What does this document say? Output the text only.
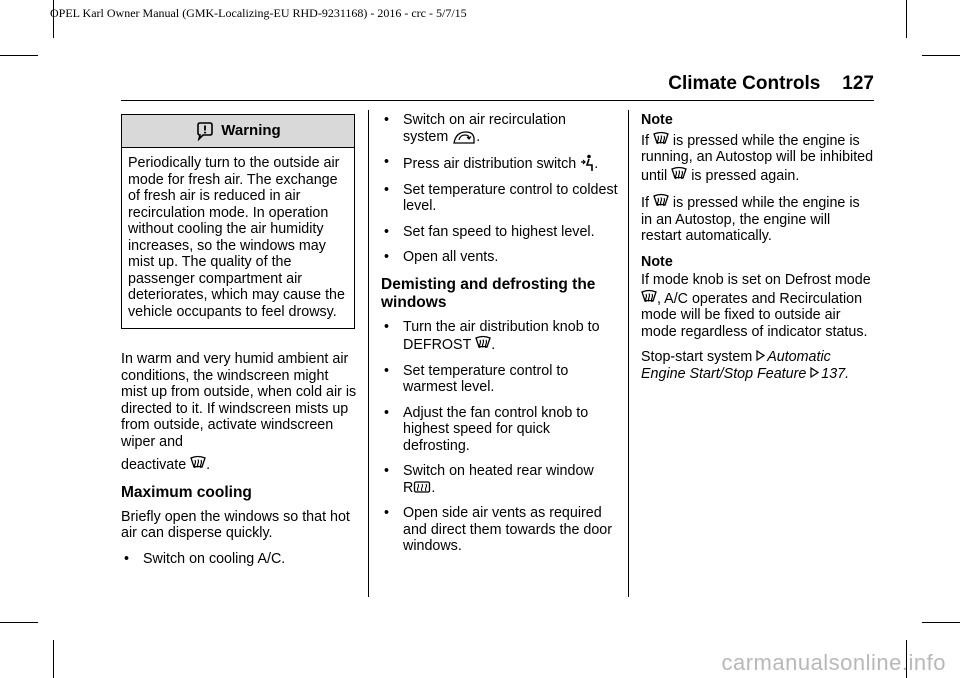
OPEL Karl Owner Manual (GMK-Localizing-EU RHD-9231168) - 2016 - crc - 5/7/15
Climate Controls 127
Warning
Periodically turn to the outside air mode for fresh air. The exchange of fresh air is reduced in air recirculation mode. In operation without cooling the air humidity increases, so the windows may mist up. The quality of the passenger compartment air deteriorates, which may cause the vehicle occupants to feel drowsy.

In warm and very humid ambient air conditions, the windscreen might mist up from outside, when cold air is directed to it. If windscreen mists up from outside, activate windscreen wiper and
deactivate .

Maximum cooling

Briefly open the windows so that hot air can disperse quickly.

• Switch on cooling A/C.
• Switch on air recirculation system .
• Press air distribution switch .
• Set temperature control to coldest level.
• Set fan speed to highest level.
• Open all vents.
Demisting and defrosting the windows
• Turn the air distribution knob to DEFROST .
• Set temperature control to warmest level.
• Adjust the fan control knob to highest speed for quick defrosting.
• Switch on heated rear window
R .
• Open side air vents as required and direct them towards the door windows.
Note

If is pressed while the engine is running, an Autostop will be inhibited until is pressed again.

If is pressed while the engine is in an Autostop, the engine will restart automatically.

Note

If mode knob is set on Defrost mode
, A/C operates and Recirculation mode will be fixed to outside air mode regardless of indicator status.

Stop-start system Automatic Engine Start/Stop Feature 137.

carmanualsonline.info
